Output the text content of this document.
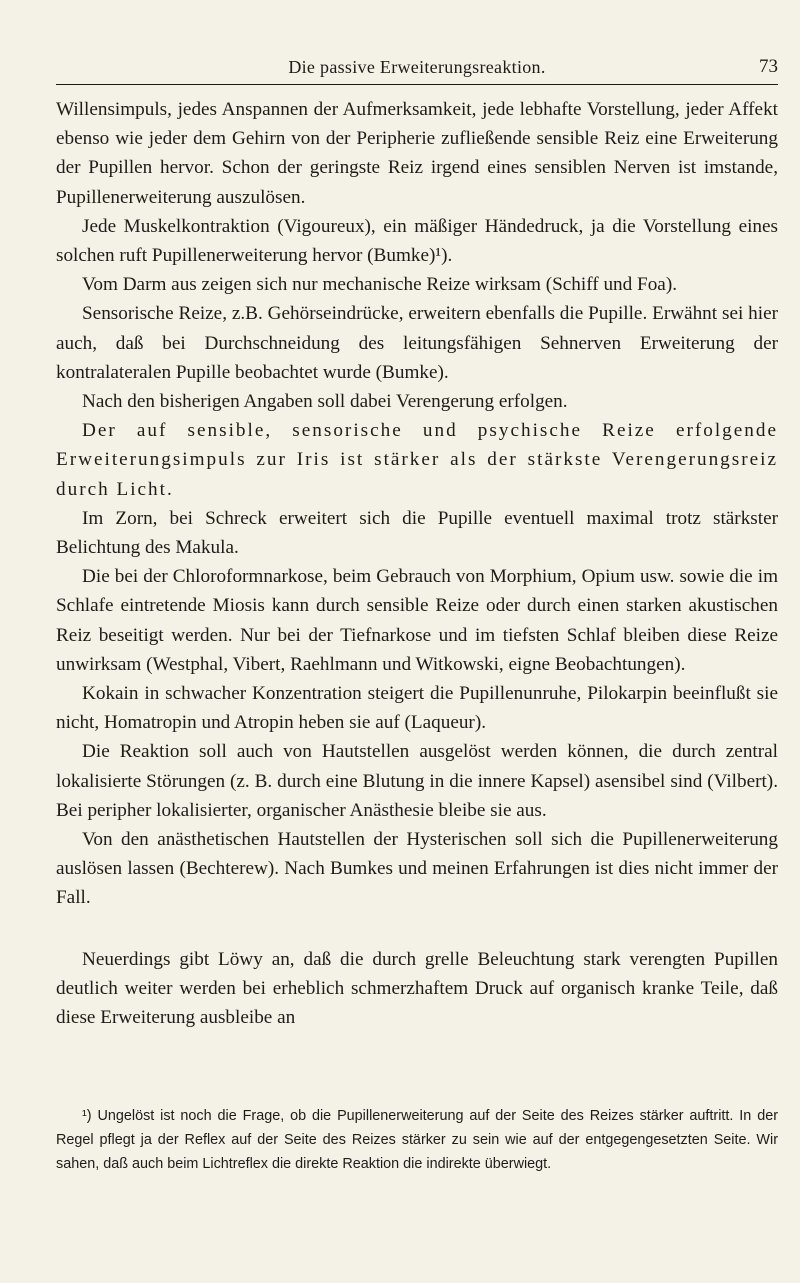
Die passive Erweiterungsreaktion.	73

Willensimpuls, jedes Anspannen der Aufmerksamkeit, jede lebhafte Vorstellung, jeder Affekt ebenso wie jeder dem Gehirn von der Peripherie zufließende sensible Reiz eine Erweiterung der Pupillen hervor. Schon der geringste Reiz irgend eines sensiblen Nerven ist imstande, Pupillenerweiterung auszulösen.

Jede Muskelkontraktion (Vigoureux), ein mäßiger Händedruck, ja die Vorstellung eines solchen ruft Pupillenerweiterung hervor (Bumke)¹).

Vom Darm aus zeigen sich nur mechanische Reize wirksam (Schiff und Foa).

Sensorische Reize, z.B. Gehörseindrücke, erweitern ebenfalls die Pupille. Erwähnt sei hier auch, daß bei Durchschneidung des leitungsfähigen Sehnerven Erweiterung der kontralateralen Pupille beobachtet wurde (Bumke).

Nach den bisherigen Angaben soll dabei Verengerung erfolgen.

Der auf sensible, sensorische und psychische Reize erfolgende Erweiterungsimpuls zur Iris ist stärker als der stärkste Verengerungsreiz durch Licht.

Im Zorn, bei Schreck erweitert sich die Pupille eventuell maximal trotz stärkster Belichtung des Makula.

Die bei der Chloroformnarkose, beim Gebrauch von Morphium, Opium usw. sowie die im Schlafe eintretende Miosis kann durch sensible Reize oder durch einen starken akustischen Reiz beseitigt werden. Nur bei der Tiefnarkose und im tiefsten Schlaf bleiben diese Reize unwirksam (Westphal, Vibert, Raehlmann und Witkowski, eigne Beobachtungen).

Kokain in schwacher Konzentration steigert die Pupillenunruhe, Pilokarpin beeinflußt sie nicht, Homatropin und Atropin heben sie auf (Laqueur).

Die Reaktion soll auch von Hautstellen ausgelöst werden können, die durch zentral lokalisierte Störungen (z. B. durch eine Blutung in die innere Kapsel) asensibel sind (Vilbert). Bei peripher lokalisierter, organischer Anästhesie bleibe sie aus.

Von den anästhetischen Hautstellen der Hysterischen soll sich die Pupillenerweiterung auslösen lassen (Bechterew). Nach Bumkes und meinen Erfahrungen ist dies nicht immer der Fall.

Neuerdings gibt Löwy an, daß die durch grelle Beleuchtung stark verengten Pupillen deutlich weiter werden bei erheblich schmerzhaftem Druck auf organisch kranke Teile, daß diese Erweiterung ausbleibe an

¹) Ungelöst ist noch die Frage, ob die Pupillenerweiterung auf der Seite des Reizes stärker auftritt. In der Regel pflegt ja der Reflex auf der Seite des Reizes stärker zu sein wie auf der entgegengesetzten Seite. Wir sahen, daß auch beim Lichtreflex die direkte Reaktion die indirekte überwiegt.
